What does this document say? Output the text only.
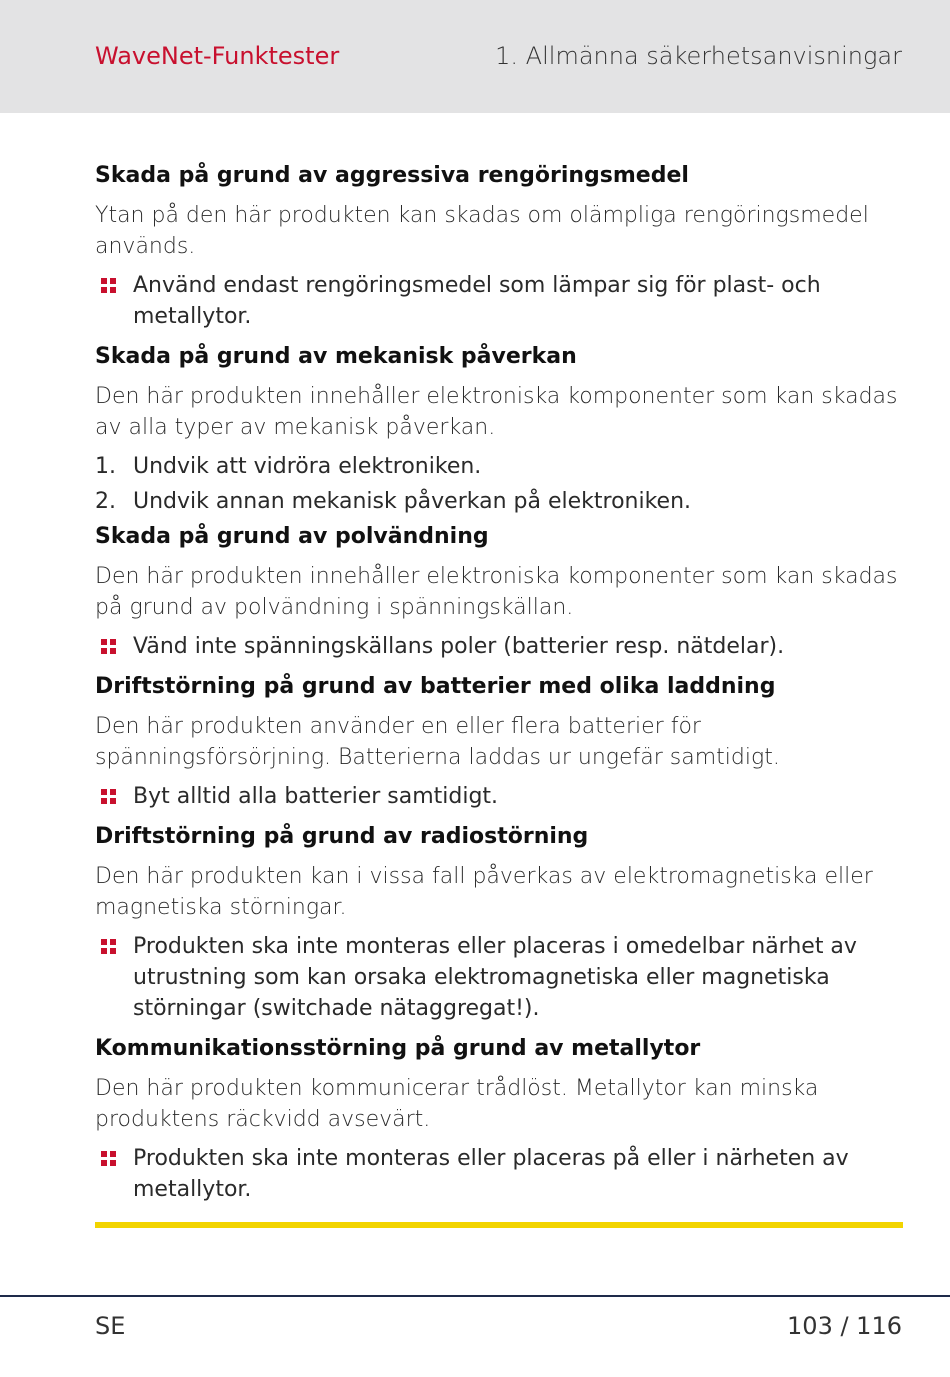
WaveNet-Funktester	1. Allmänna säkerhetsanvisningar
Skada på grund av aggressiva rengöringsmedel

Ytan på den här produkten kan skadas om olämpliga rengöringsmedel används.

Använd endast rengöringsmedel som lämpar sig för plast- och metallytor.
Skada på grund av mekanisk påverkan

Den här produkten innehåller elektroniska komponenter som kan skadas av alla typer av mekanisk påverkan.

1. Undvik att vidröra elektroniken.
2. Undvik annan mekanisk påverkan på elektroniken.
Skada på grund av polvändning

Den här produkten innehåller elektroniska komponenter som kan skadas på grund av polvändning i spänningskällan.

Vänd inte spänningskällans poler (batterier resp. nätdelar).
Driftstörning på grund av batterier med olika laddning

Den här produkten använder en eller flera batterier för spänningsförsörjning. Batterierna laddas ur ungefär samtidigt.

Byt alltid alla batterier samtidigt.
Driftstörning på grund av radiostörning

Den här produkten kan i vissa fall påverkas av elektromagnetiska eller magnetiska störningar.

Produkten ska inte monteras eller placeras i omedelbar närhet av utrustning som kan orsaka elektromagnetiska eller magnetiska störningar (switchade nätaggregat!).
Kommunikationsstörning på grund av metallytor

Den här produkten kommunicerar trådlöst. Metallytor kan minska produktens räckvidd avsevärt.

Produkten ska inte monteras eller placeras på eller i närheten av metallytor.
SE	103 / 116
